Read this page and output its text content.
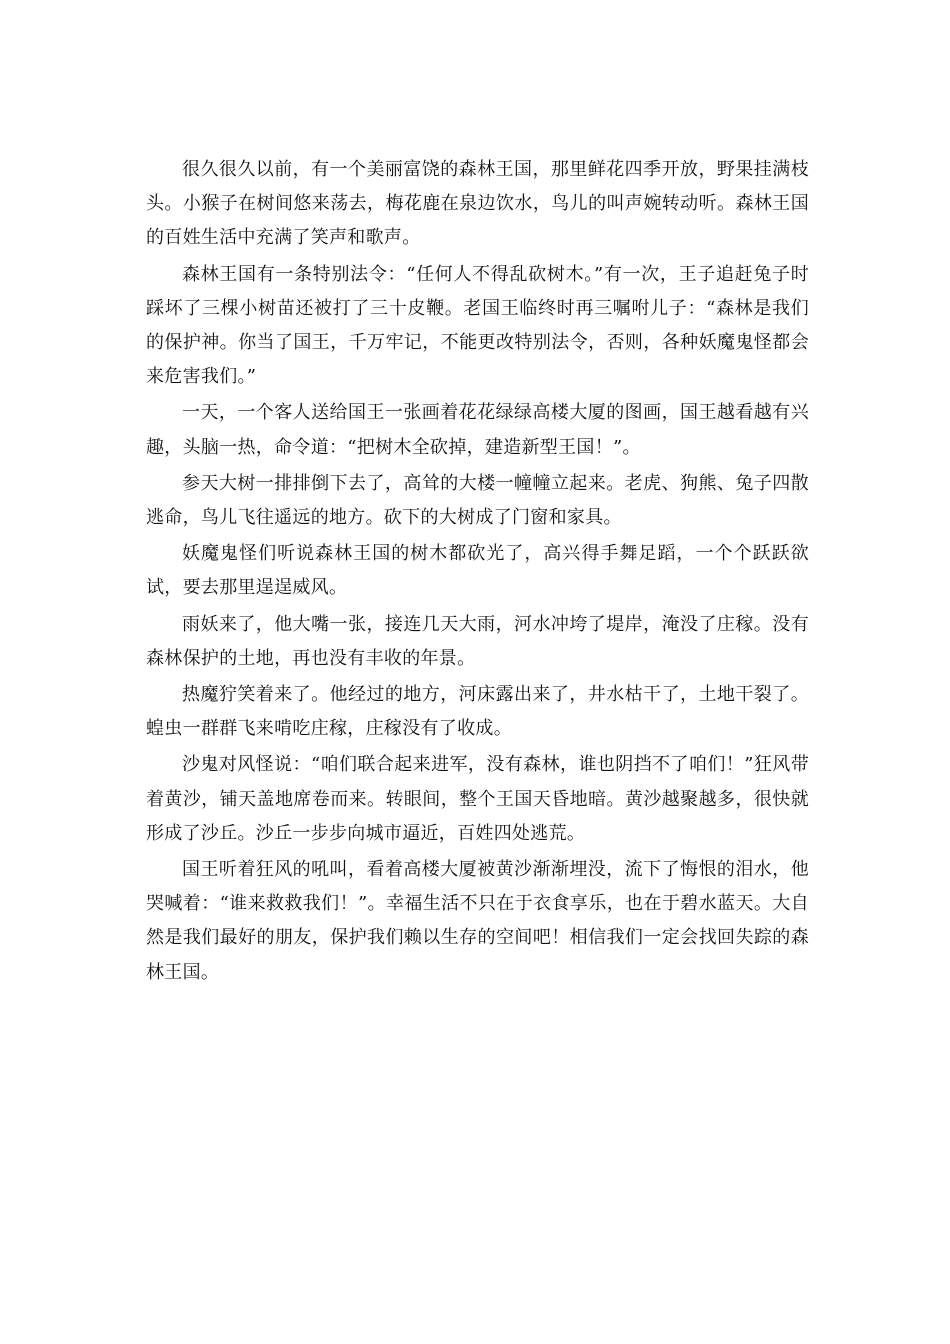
很久很久以前，有一个美丽富饶的森林王国，那里鲜花四季开放，野果挂满枝头。小猴子在树间悠来荡去，梅花鹿在泉边饮水，鸟儿的叫声婉转动听。森林王国的百姓生活中充满了笑声和歌声。

森林王国有一条特别法令：“任何人不得乱砍树木。”有一次，王子追赶兔子时踩坏了三棵小树苗还被打了三十皮鞭。老国王临终时再三嘱咐儿子：“森林是我们的保护神。你当了国王，千万牢记，不能更改特别法令，否则，各种妖魔鬼怪都会来危害我们。”

一天，一个客人送给国王一张画着花花绿绿高楼大厦的图画，国王越看越有兴趣，头脑一热，命令道：“把树木全砍掉，建造新型王国！”。

参天大树一排排倒下去了，高耸的大楼一幢幢立起来。老虎、狗熊、兔子四散逃命，鸟儿飞往遥远的地方。砍下的大树成了门窗和家具。

妖魔鬼怪们听说森林王国的树木都砍光了，高兴得手舞足蹈，一个个跃跃欲试，要去那里逞逞威风。

雨妖来了，他大嘴一张，接连几天大雨，河水冲垮了堤岸，淹没了庄稼。没有森林保护的土地，再也没有丰收的年景。

热魔狞笑着来了。他经过的地方，河床露出来了，井水枯干了，土地干裂了。蝗虫一群群飞来啃吃庄稼，庄稼没有了收成。

沙鬼对风怪说：“咱们联合起来进军，没有森林，谁也阴挡不了咱们！”狂风带着黄沙，铺天盖地席卷而来。转眼间，整个王国天昏地暗。黄沙越聚越多，很快就形成了沙丘。沙丘一步步向城市逼近，百姓四处逃荒。

国王听着狂风的吼叫，看着高楼大厦被黄沙渐渐埋没，流下了悔恨的泪水，他哭喊着：“谁来救救我们！”。幸福生活不只在于衣食享乐，也在于碧水蓝天。大自然是我们最好的朋友，保护我们赖以生存的空间吧！相信我们一定会找回失踪的森林王国。
